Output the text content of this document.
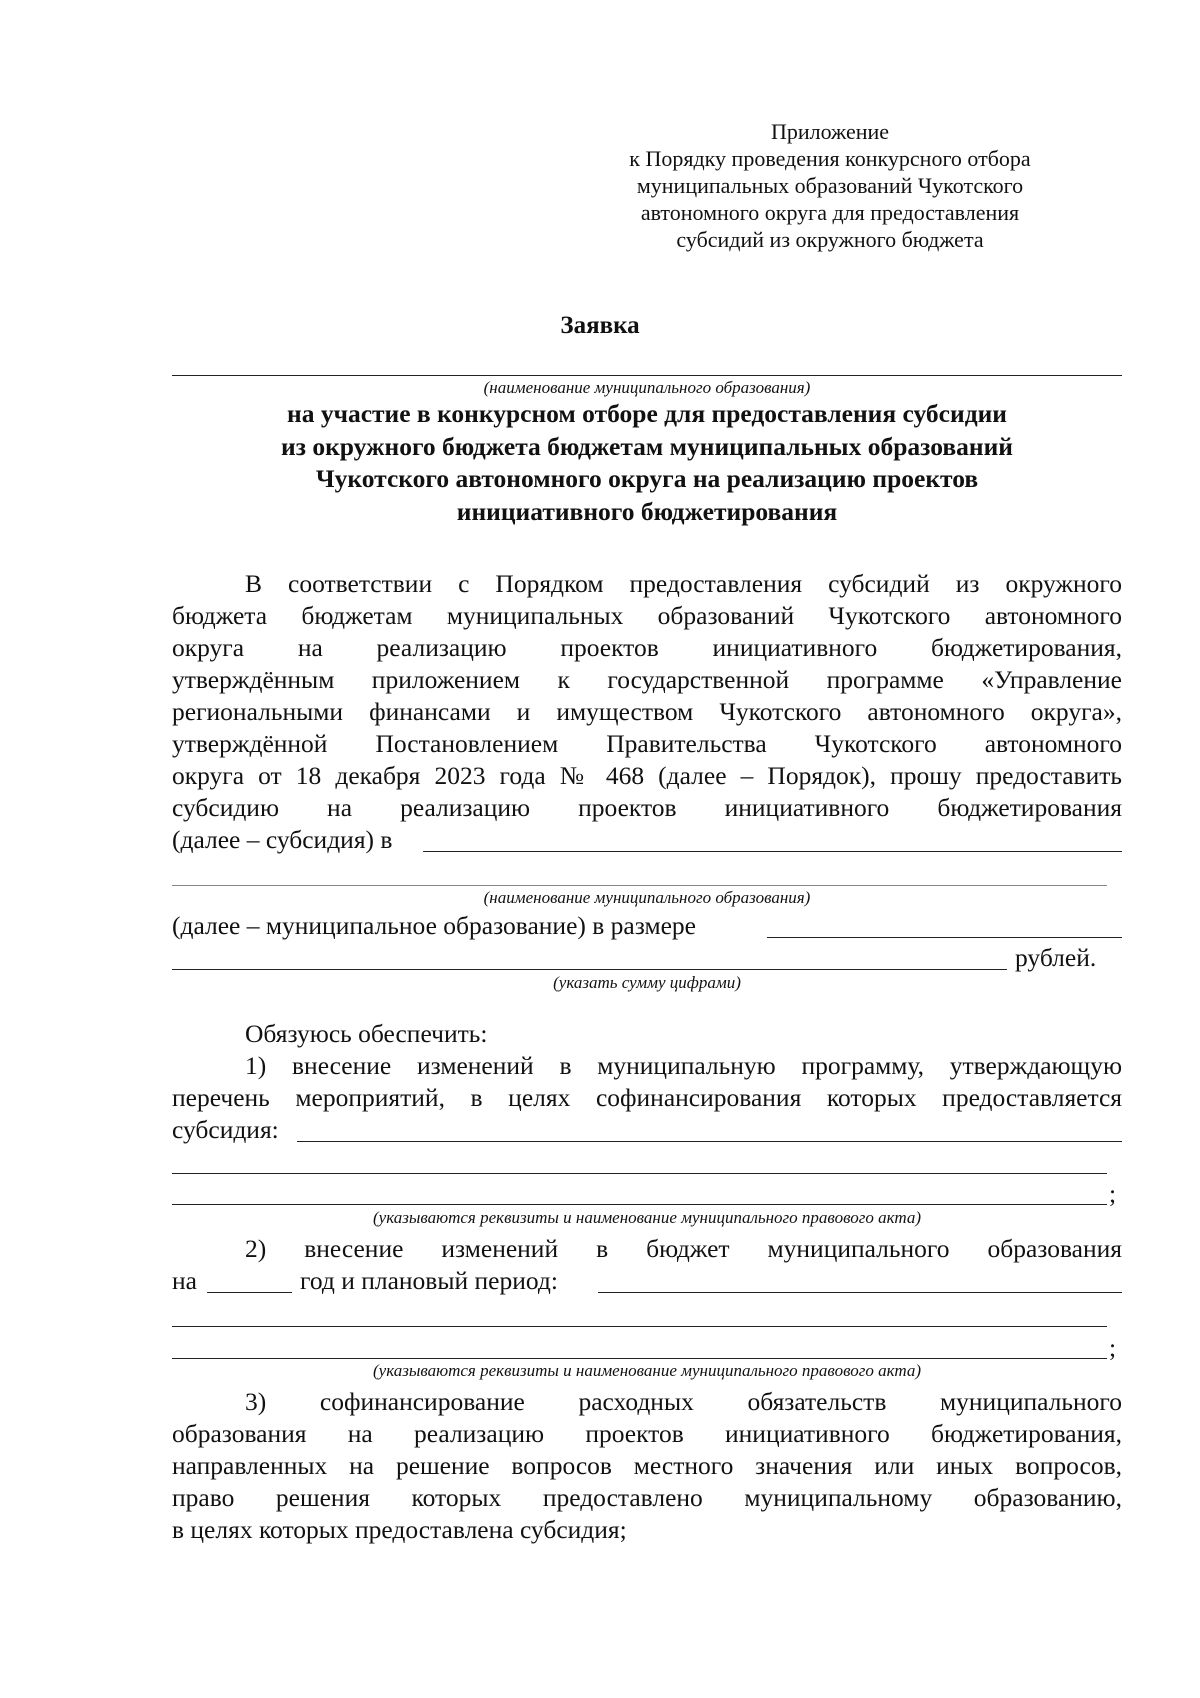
Приложение
к Порядку проведения конкурсного отбора
муниципальных образований Чукотского
автономного округа для предоставления
субсидий из окружного бюджета
Заявка
(наименование муниципального образования)
на участие в конкурсном отборе для предоставления субсидии
из окружного бюджета бюджетам муниципальных образований
Чукотского автономного округа на реализацию проектов
инициативного бюджетирования
В соответствии с Порядком предоставления субсидий из окружного
бюджета бюджетам муниципальных образований Чукотского автономного
округа на реализацию проектов инициативного бюджетирования,
утверждённым приложением к государственной программе «Управление
региональными финансами и имуществом Чукотского автономного округа»,
утверждённой Постановлением Правительства Чукотского автономного
округа от 18 декабря 2023 года № 468 (далее – Порядок), прошу предоставить
субсидию на реализацию проектов инициативного бюджетирования
(далее – субсидия) в
(наименование муниципального образования)
(далее – муниципальное образование) в размере
рублей.
(указать сумму цифрами)
Обязуюсь обеспечить:
1) внесение изменений в муниципальную программу, утверждающую
перечень мероприятий, в целях софинансирования которых предоставляется
субсидия:
;
(указываются реквизиты и наименование муниципального правового акта)
2) внесение изменений в бюджет муниципального образования
на	год и плановый период:
;
(указываются реквизиты и наименование муниципального правового акта)
3) софинансирование расходных обязательств муниципального
образования на реализацию проектов инициативного бюджетирования,
направленных на решение вопросов местного значения или иных вопросов,
право решения которых предоставлено муниципальному образованию,
в целях которых предоставлена субсидия;
